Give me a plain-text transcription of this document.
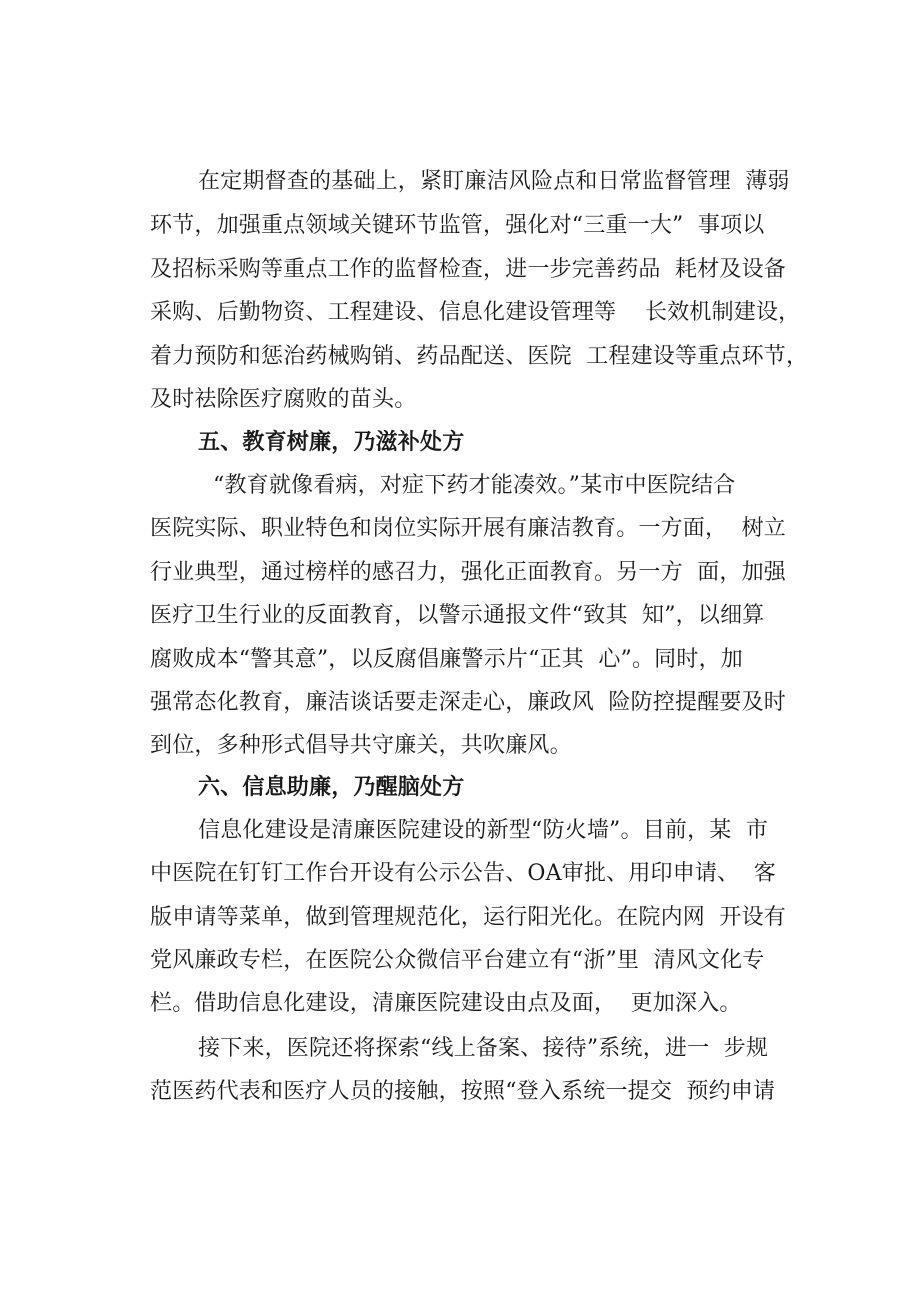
在定期督查的基础上，紧盯廉洁风险点和日常监督管理  薄弱
环节，加强重点领域关键环节监管，强化对“三重一大”  事项以
及招标采购等重点工作的监督检查，进一步完善药品  耗材及设备
采购、后勤物资、工程建设、信息化建设管理等    长效机制建设，
着力预防和惩治药械购销、药品配送、医院  工程建设等重点环节，
及时祛除医疗腐败的苗头。
五、教育树廉，乃滋补处方
“教育就像看病，对症下药才能凑效。”某市中医院结合
医院实际、职业特色和岗位实际开展有廉洁教育。一方面，  树立
行业典型，通过榜样的感召力，强化正面教育。另一方  面，加强
医疗卫生行业的反面教育，以警示通报文件“致其  知”，以细算
腐败成本“警其意”，以反腐倡廉警示片“正其  心”。同时，加
强常态化教育，廉洁谈话要走深走心，廉政风  险防控提醒要及时
到位，多种形式倡导共守廉关，共吹廉风。
六、信息助廉，乃醒脑处方
信息化建设是清廉医院建设的新型“防火墙”。目前，某  市
中医院在钉钉工作台开设有公示公告、OA审批、用印申请、  客
版申请等菜单，做到管理规范化，运行阳光化。在院内网  开设有
党风廉政专栏，在医院公众微信平台建立有“浙”里  清风文化专
栏。借助信息化建设，清廉医院建设由点及面，  更加深入。
接下来，医院还将探索“线上备案、接待”系统，进一  步规
范医药代表和医疗人员的接触，按照“登入系统一提交  预约申请
